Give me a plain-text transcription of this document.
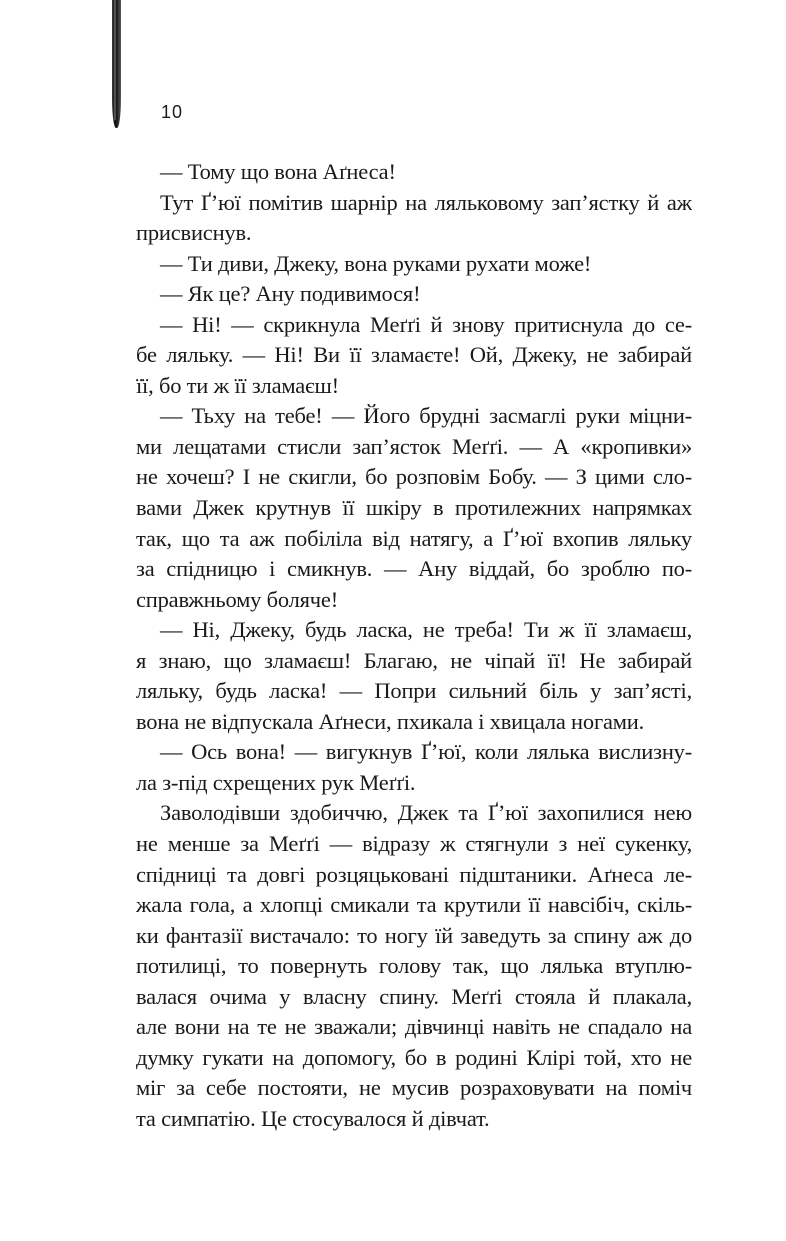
10
— Тому що вона Аґнеса!
Тут Ґ’юї помітив шарнір на ляльковому зап’ястку й аж
присвиснув.
— Ти диви, Джеку, вона руками рухати може!
— Як це? Ану подивимося!
— Ні! — скрикнула Меґґі й знову притиснула до се-
бе ляльку. — Ні! Ви її зламаєте! Ой, Джеку, не забирай
її, бо ти ж її зламаєш!
— Тьху на тебе! — Його брудні засмаглі руки міцни-
ми лещатами стисли зап’ясток Меґґі. — А «кропивки»
не хочеш? І не скигли, бо розповім Бобу. — З цими сло-
вами Джек крутнув її шкіру в протилежних напрямках
так, що та аж побіліла від натягу, а Ґ’юї вхопив ляльку
за спідницю і смикнув. — Ану віддай, бо зроблю по-
справжньому боляче!
— Ні, Джеку, будь ласка, не треба! Ти ж її зламаєш,
я знаю, що зламаєш! Благаю, не чіпай її! Не забирай
ляльку, будь ласка! — Попри сильний біль у зап’ясті,
вона не відпускала Аґнеси, пхикала і хвицала ногами.
— Ось вона! — вигукнув Ґ’юї, коли лялька вислизну-
ла з-під схрещених рук Меґґі.
Заволодівши здобиччю, Джек та Ґ’юї захопилися нею
не менше за Меґґі — відразу ж стягнули з неї сукенку,
спідниці та довгі розцяцьковані підштаники. Аґнеса ле-
жала гола, а хлопці смикали та крутили її навсібіч, скіль-
ки фантазії вистачало: то ногу їй заведуть за спину аж до
потилиці, то повернуть голову так, що лялька втуплю-
валася очима у власну спину. Меґґі стояла й плакала,
але вони на те не зважали; дівчинці навіть не спадало на
думку гукати на допомогу, бо в родині Клірі той, хто не
міг за себе постояти, не мусив розраховувати на поміч
та симпатію. Це стосувалося й дівчат.
